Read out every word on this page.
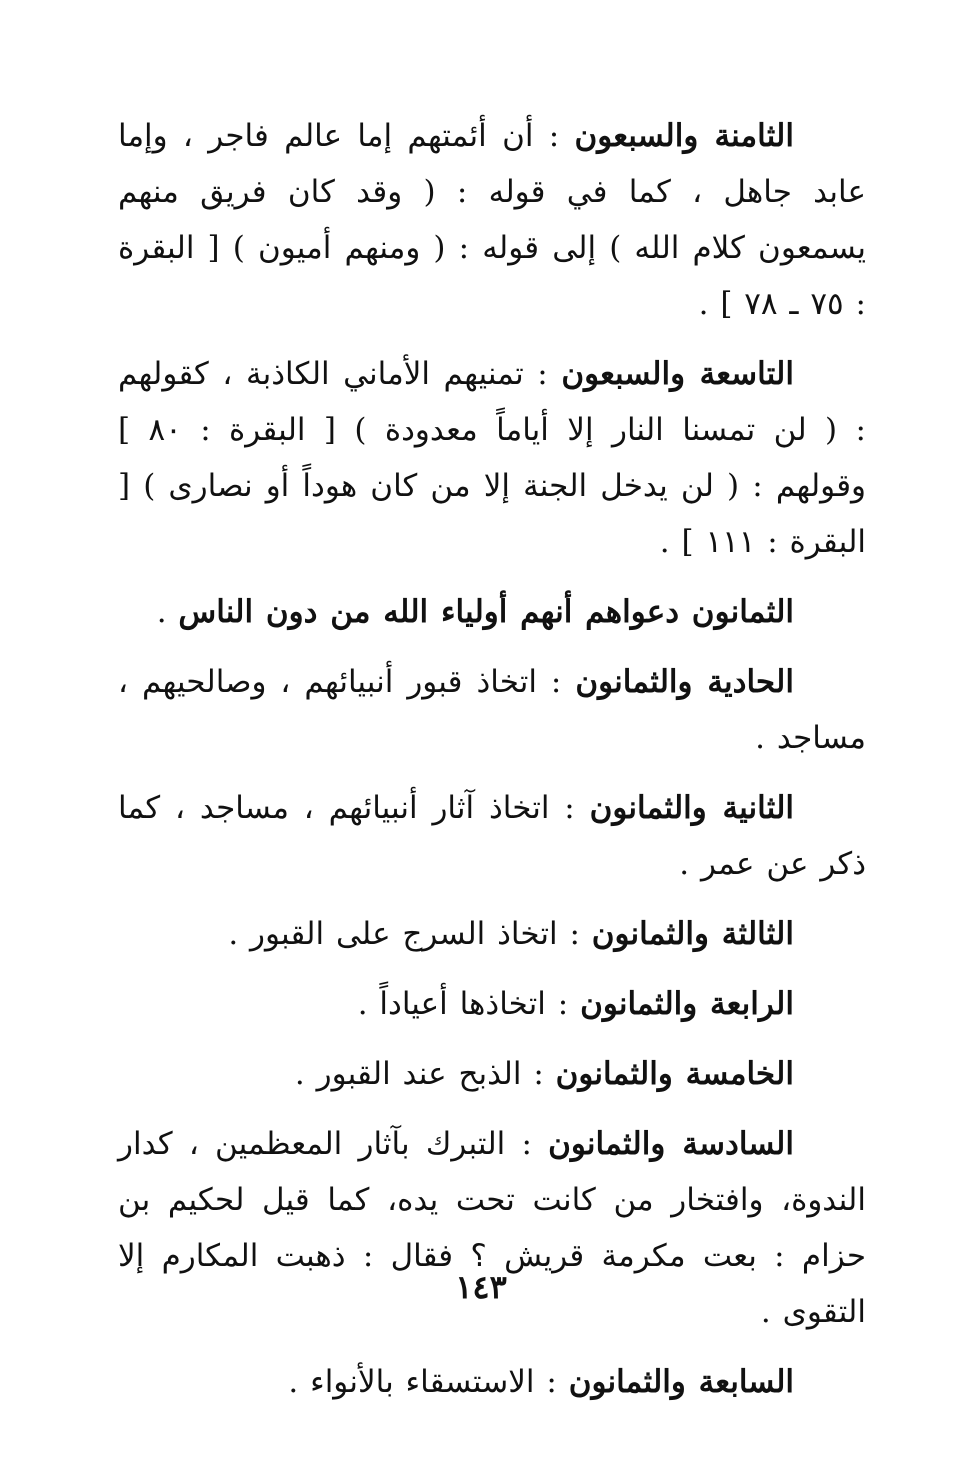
الثامنة والسبعون : أن أئمتهم إما عالم فاجر ، وإما عابد جاهل ، كما في قوله : ( وقد كان فريق منهم يسمعون كلام الله ) إلى قوله : ( ومنهم أميون ) [ البقرة : ٧٥ ـ ٧٨ ] .

التاسعة والسبعون : تمنيهم الأماني الكاذبة ، كقولهم : ( لن تمسنا النار إلا أياماً معدودة ) [ البقرة : ٨٠ ] وقولهم : ( لن يدخل الجنة إلا من كان هوداً أو نصارى ) [ البقرة : ١١١ ] .

الثمانون دعواهم أنهم أولياء الله من دون الناس .

الحادية والثمانون : اتخاذ قبور أنبيائهم ، وصالحيهم ، مساجد .

الثانية والثمانون : اتخاذ آثار أنبيائهم ، مساجد ، كما ذكر عن عمر .

الثالثة والثمانون : اتخاذ السرج على القبور .

الرابعة والثمانون : اتخاذها أعياداً .

الخامسة والثمانون : الذبح عند القبور .

السادسة والثمانون : التبرك بآثار المعظمين ، كدار الندوة، وافتخار من كانت تحت يده، كما قيل لحكيم بن حزام : بعت مكرمة قريش ؟ فقال : ذهبت المكارم إلا التقوى .

السابعة والثمانون : الاستسقاء بالأنواء .

١٤٣
